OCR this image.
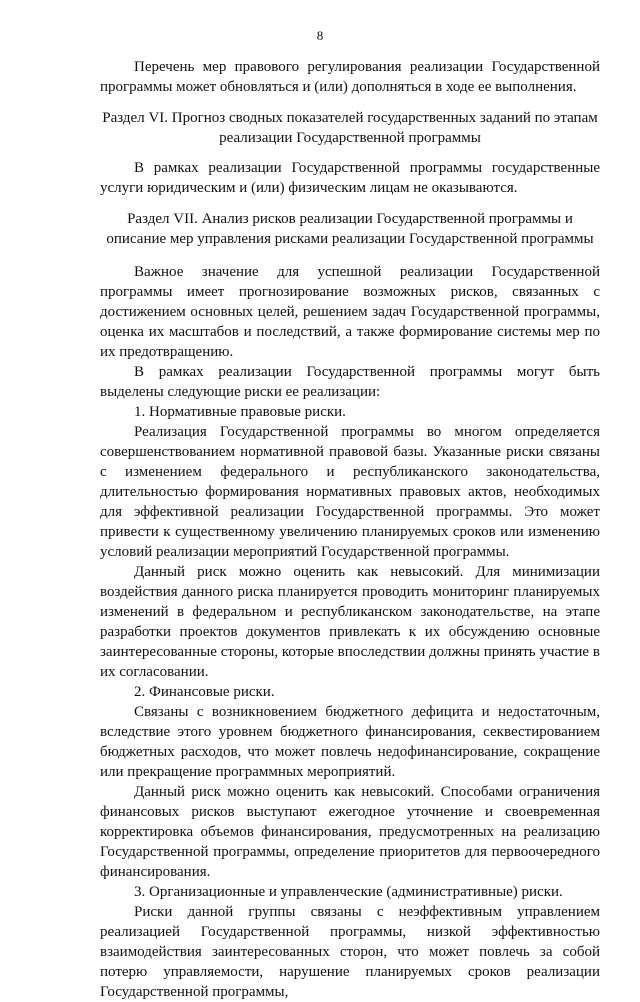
8

Перечень мер правового регулирования реализации Государственной программы может обновляться и (или) дополняться в ходе ее выполнения.

Раздел VI. Прогноз сводных показателей государственных заданий по этапам реализации Государственной программы

В рамках реализации Государственной программы государственные услуги юридическим и (или) физическим лицам не оказываются.

Раздел VII. Анализ рисков реализации Государственной программы и описание мер управления рисками реализации Государственной программы

Важное значение для успешной реализации Государственной программы имеет прогнозирование возможных рисков, связанных с достижением основных целей, решением задач Государственной программы, оценка их масштабов и последствий, а также формирование системы мер по их предотвращению.

В рамках реализации Государственной программы могут быть выделены следующие риски ее реализации:

1. Нормативные правовые риски.

Реализация Государственной программы во многом определяется совершенствованием нормативной правовой базы. Указанные риски связаны с изменением федерального и республиканского законодательства, длительностью формирования нормативных правовых актов, необходимых для эффективной реализации Государственной программы. Это может привести к существенному увеличению планируемых сроков или изменению условий реализации мероприятий Государственной программы.

Данный риск можно оценить как невысокий. Для минимизации воздействия данного риска планируется проводить мониторинг планируемых изменений в федеральном и республиканском законодательстве, на этапе разработки проектов документов привлекать к их обсуждению основные заинтересованные стороны, которые впоследствии должны принять участие в их согласовании.

2. Финансовые риски.

Связаны с возникновением бюджетного дефицита и недостаточным, вследствие этого уровнем бюджетного финансирования, секвестированием бюджетных расходов, что может повлечь недофинансирование, сокращение или прекращение программных мероприятий.

Данный риск можно оценить как невысокий. Способами ограничения финансовых рисков выступают ежегодное уточнение и своевременная корректировка объемов финансирования, предусмотренных на реализацию Государственной программы, определение приоритетов для первоочередного финансирования.

3. Организационные и управленческие (административные) риски.

Риски данной группы связаны с неэффективным управлением реализацией Государственной программы, низкой эффективностью взаимодействия заинтересованных сторон, что может повлечь за собой потерю управляемости, нарушение планируемых сроков реализации Государственной программы,
